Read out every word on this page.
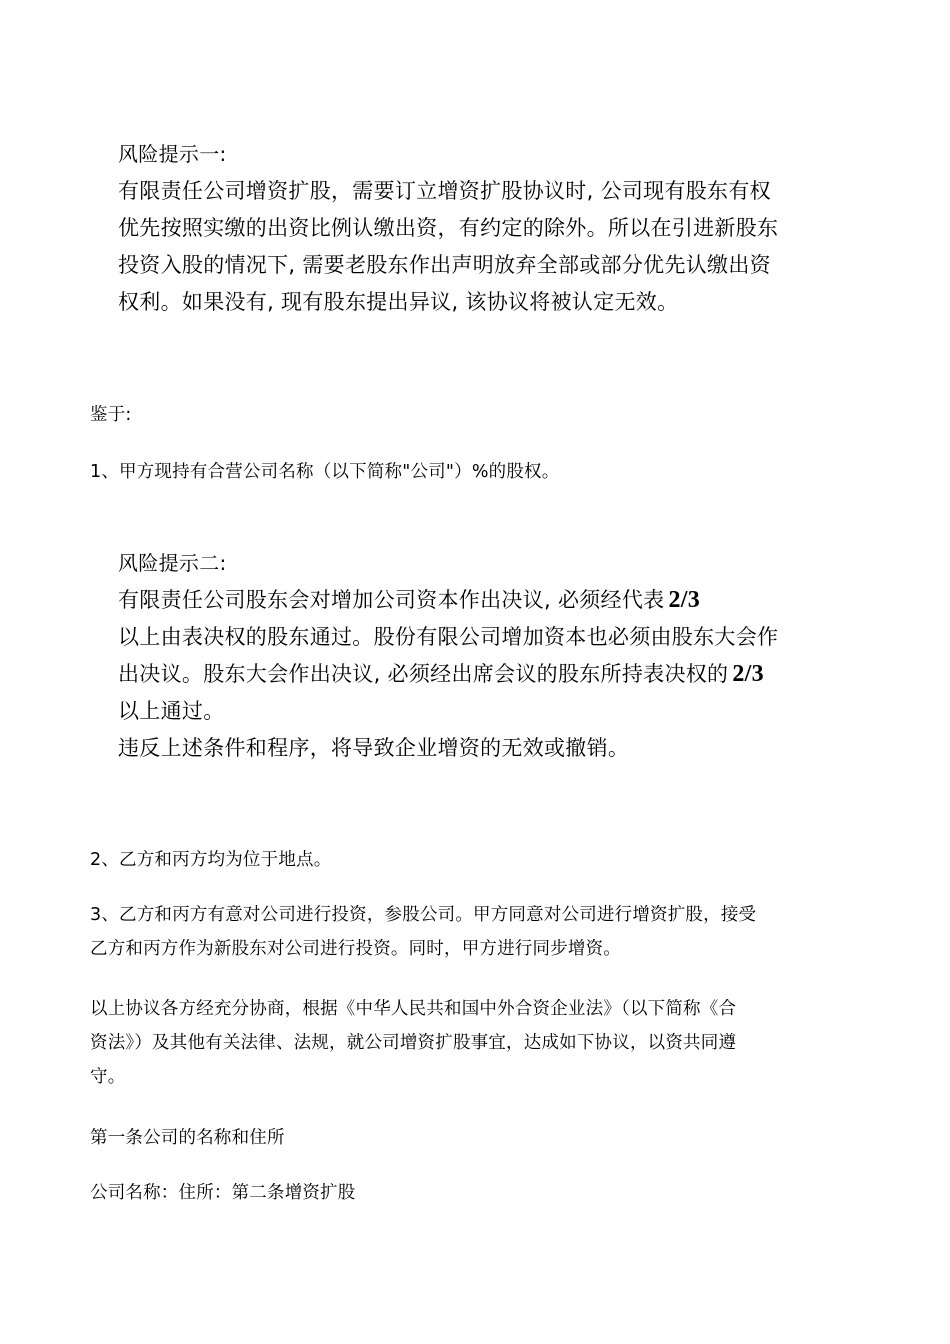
风险提示一:

有限责任公司增资扩股，需要订立增资扩股协议时, 公司现有股东有权

优先按照实缴的出资比例认缴出资，有约定的除外。所以在引进新股东

投资入股的情况下, 需要老股东作出声明放弃全部或部分优先认缴出资

权利。如果没有, 现有股东提出异议, 该协议将被认定无效。

鉴于:

1、甲方现持有合营公司名称（以下简称"公司"）%的股权。

风险提示二:

有限责任公司股东会对增加公司资本作出决议, 必须经代表 2/3

以上由表决权的股东通过。股份有限公司增加资本也必须由股东大会作

出决议。股东大会作出决议, 必须经出席会议的股东所持表决权的 2/3

以上通过。

违反上述条件和程序，将导致企业增资的无效或撤销。

2、乙方和丙方均为位于地点。

3、乙方和丙方有意对公司进行投资，参股公司。甲方同意对公司进行增资扩股，接受

乙方和丙方作为新股东对公司进行投资。同时，甲方进行同步增资。

以上协议各方经充分协商，根据《中华人民共和国中外合资企业法》（以下简称《合

资法》）及其他有关法律、法规，就公司增资扩股事宜，达成如下协议，以资共同遵

守。

第一条公司的名称和住所

公司名称：住所：第二条增资扩股
